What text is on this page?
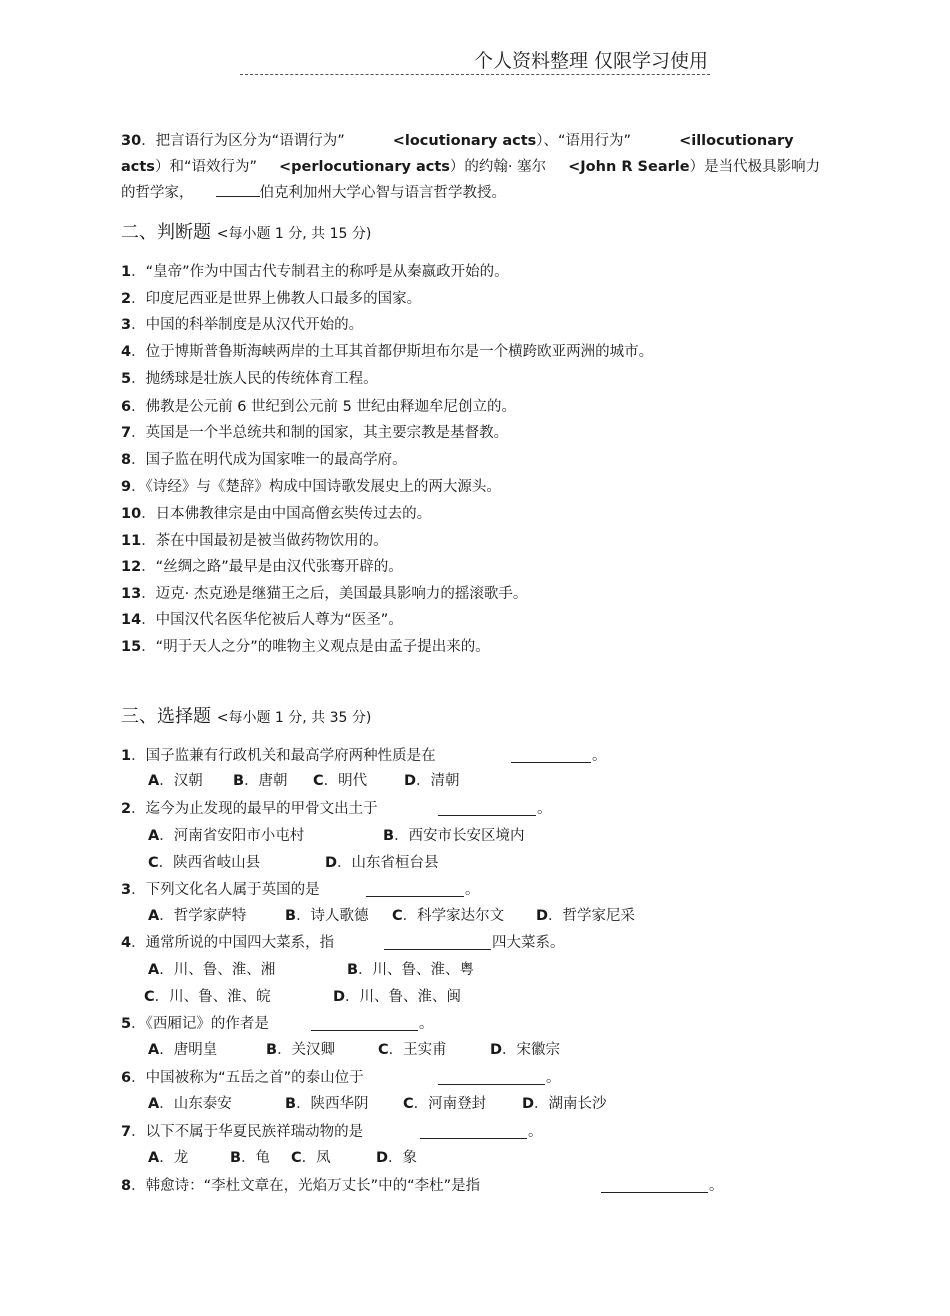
个人资料整理 仅限学习使用
30．把言语行为区分为“语谓行为”	<locutionary acts）、“语用行为”	<illocutionary acts）和“语效行为” <perlocutionary acts）的约翰· 塞尔 <John R Searle）是当代极具影响力的哲学家，	伯克利加州大学心智与语言哲学教授。
二、判断题 <每小题 1 分, 共 15 分)
1．“皇帝”作为中国古代专制君主的称呼是从秦嬴政开始的。
2．印度尼西亚是世界上佛教人口最多的国家。
3．中国的科举制度是从汉代开始的。
4．位于博斯普鲁斯海峡两岸的土耳其首都伊斯坦布尔是一个横跨欧亚两洲的城市。
5．抛绣球是壮族人民的传统体育工程。
6．佛教是公元前 6 世纪到公元前 5 世纪由释迦牟尼创立的。
7．英国是一个半总统共和制的国家，其主要宗教是基督教。
8．国子监在明代成为国家唯一的最高学府。
9．《诗经》与《楚辞》构成中国诗歌发展史上的两大源头。
10．日本佛教律宗是由中国高僧玄奘传过去的。
11．茶在中国最初是被当做药物饮用的。
12．“丝绸之路”最早是由汉代张骞开辟的。
13．迈克· 杰克逊是继猫王之后，美国最具影响力的摇滚歌手。
14．中国汉代名医华佗被后人尊为“医圣”。
15．“明于天人之分”的唯物主义观点是由孟子提出来的。
三、选择题 <每小题 1 分, 共 35 分)
1．国子监兼有行政机关和最高学府两种性质是在	。
A．汉朝 B．唐朝 C．明代	D．清朝
2．迄今为止发现的最早的甲骨文出土于	。
A．河南省安阳市小屯村	B．西安市长安区境内
C．陕西省岐山县	D．山东省桓台县
3．下列文化名人属于英国的是	。
A．哲学家萨特	B．诗人歌德 C．科学家达尔文 D．哲学家尼采
4．通常所说的中国四大菜系，指	四大菜系。
A．川、鲁、淮、湘	B．川、鲁、淮、粤
C．川、鲁、淮、皖	D．川、鲁、淮、闽
5．《西厢记》的作者是	。
A．唐明皇	B．关汉卿	C．王实甫	D．宋徽宗
6．中国被称为“五岳之首”的泰山位于	。
A．山东泰安	B．陕西华阴 C．河南登封 D．湖南长沙
7．以下不属于华夏民族祥瑞动物的是	。
A．龙	B．龟 C．凤	D．象
8．韩愈诗：“李杜文章在，光焰万丈长”中的“李杜”是指	。
